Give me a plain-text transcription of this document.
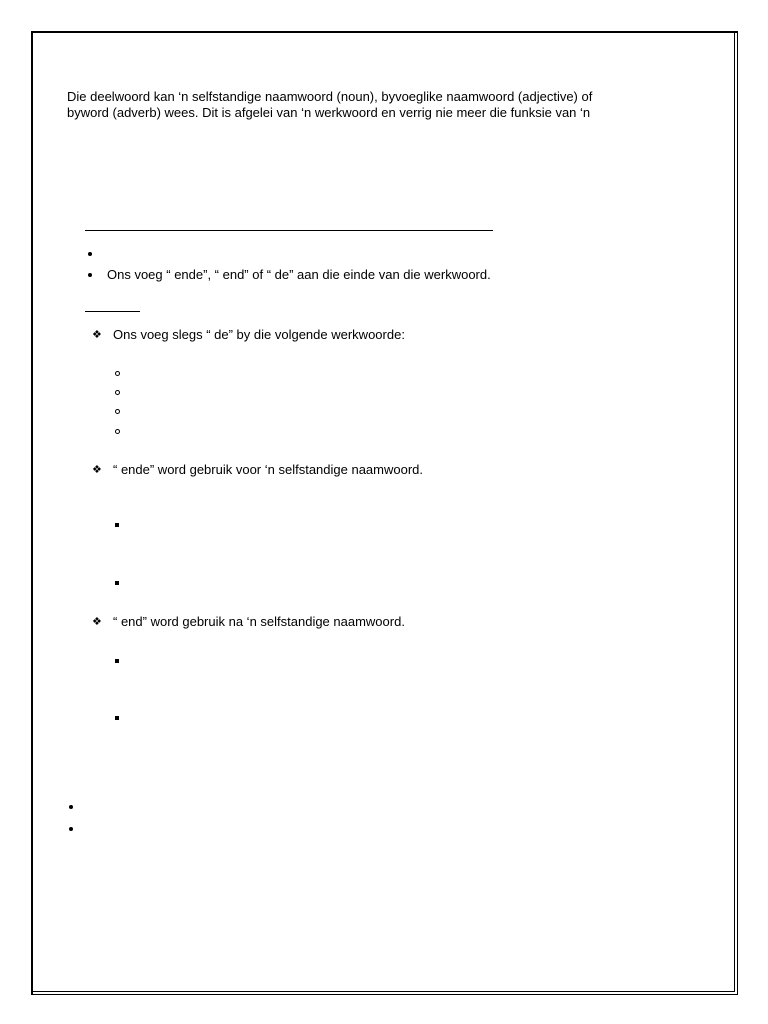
Die deelwoord kan ‘n selfstandige naamwoord (noun), byvoeglike naamwoord (adjective) of
byword (adverb) wees. Dit is afgelei van ‘n werkwoord en verrig nie meer die funksie van ‘n
Ons voeg “ ende”, “ end” of “ de” aan die einde van die werkwoord.
❖ Ons voeg slegs “ de” by die volgende werkwoorde:
❖ “ ende” word gebruik voor ‘n selfstandige naamwoord.
❖ “ end” word gebruik na ‘n selfstandige naamwoord.
